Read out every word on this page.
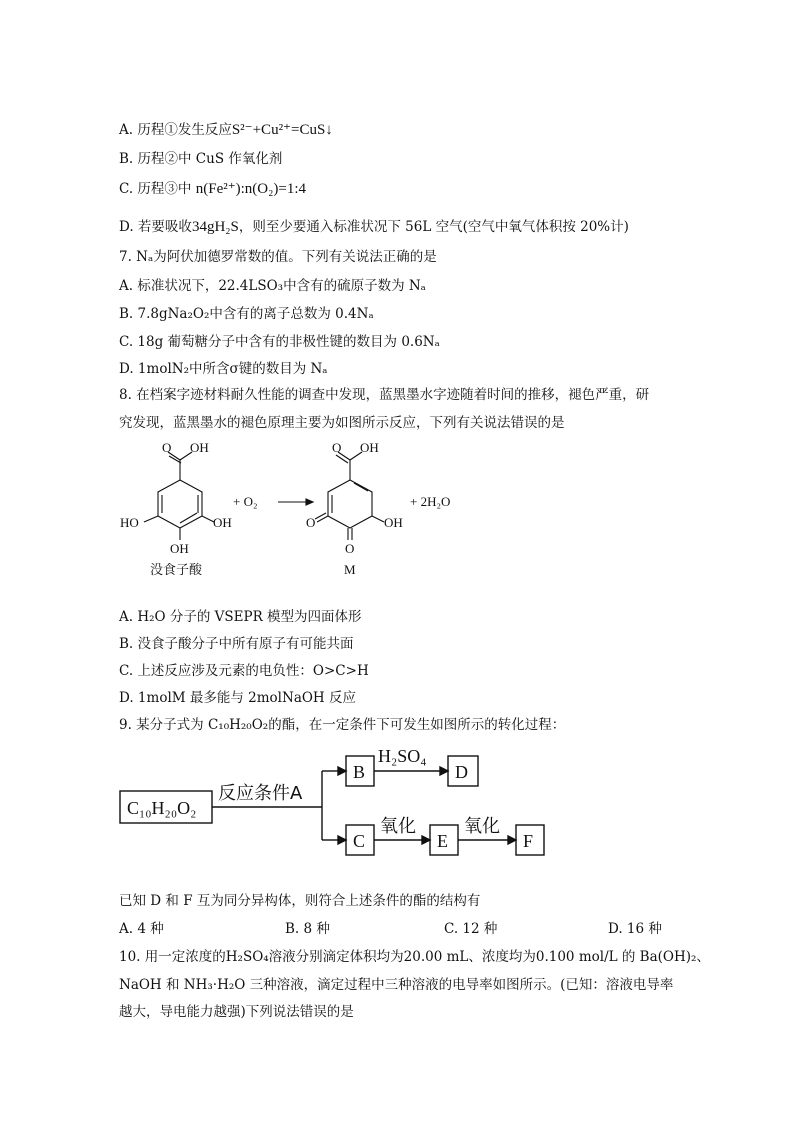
A. 历程①发生反应S²⁻+Cu²⁺=CuS↓
B. 历程②中 CuS 作氧化剂
C. 历程③中 n(Fe²⁺):n(O₂)=1:4
D. 若要吸收34gH₂S，则至少要通入标准状况下 56L 空气(空气中氧气体积按 20%计)
7. Nₐ为阿伏加德罗常数的值。下列有关说法正确的是
A. 标准状况下，22.4LSO₃中含有的硫原子数为 Nₐ
B. 7.8gNa₂O₂中含有的离子总数为 0.4Nₐ
C. 18g 葡萄糖分子中含有的非极性键的数目为 0.6Nₐ
D. 1molN₂中所含σ键的数目为 Nₐ
8. 在档案字迹材料耐久性能的调查中发现，蓝黑墨水字迹随着时间的推移，褪色严重，研
究发现，蓝黑墨水的褪色原理主要为如图所示反应，下列有关说法错误的是
O OH
HO	OH
OH
+ O₂
O OH
O	OH
O
+ 2H₂O
没食子酸	M
A. H₂O 分子的 VSEPR 模型为四面体形
B. 没食子酸分子中所有原子有可能共面
C. 上述反应涉及元素的电负性：O>C>H
D. 1molM 最多能与 2molNaOH 反应
9. 某分子式为 C₁₀H₂₀O₂的酯，在一定条件下可发生如图所示的转化过程：
C₁₀H₂₀O₂
反应条件A
B	D
C	E	F
H₂SO₄
氧化	氧化
已知 D 和 F 互为同分异构体，则符合上述条件的酯的结构有
A. 4 种	B. 8 种	C. 12 种	D. 16 种
10. 用一定浓度的H₂SO₄溶液分别滴定体积均为20.00 mL、浓度均为0.100 mol/L 的 Ba(OH)₂、
NaOH 和 NH₃·H₂O 三种溶液，滴定过程中三种溶液的电导率如图所示。(已知：溶液电导率
越大，导电能力越强)下列说法错误的是
